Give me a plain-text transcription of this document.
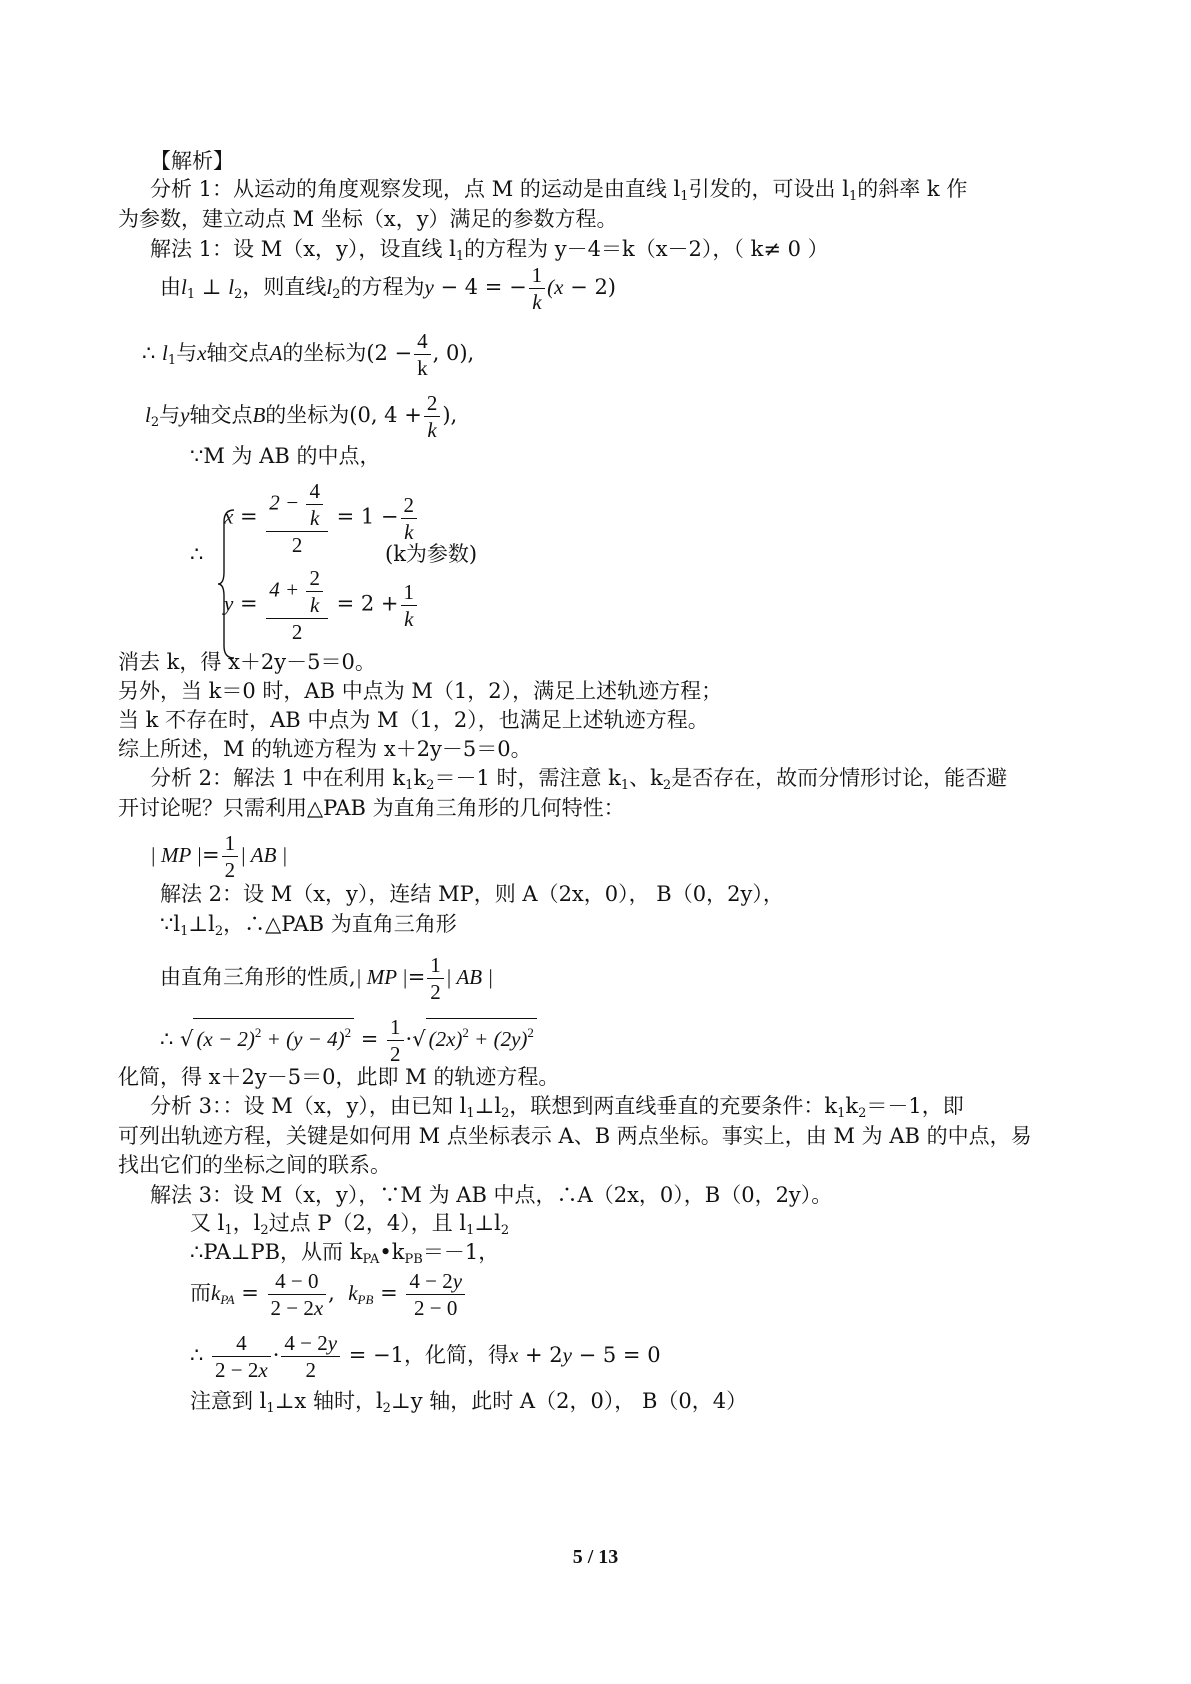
【解析】
分析 1：从运动的角度观察发现，点 M 的运动是由直线 $l_1$引发的，可设出 $l_1$的斜率 k 作
为参数，建立动点 M 坐标（x，y）满足的参数方程。
解法 1：设 M（x，y），设直线 $l_1$的方程为 y－4＝k（x－2），（ k≠ 0 ）
由$l_1$ ⊥ $l_2$，则直线$l_2$的方程为y − 4 = − $\frac{1}{k} (x - 2)$
∴ $l_1$与x轴交点A的坐标为($2 - \frac{4}{k}$ , 0),
$l_2$与y轴交点B的坐标为(0, $4 + \frac{2}{k}$ ),
∵M 为 AB 的中点，
∴
$x = \frac{2 - \frac{4}{k}}{2} = 1 - \frac{2}{k}$
(k为参数)
$y = \frac{4 + \frac{2}{k}}{2} = 2 + \frac{1}{k}$
消去 k，得 x＋2y－5＝0。
另外，当 k＝0 时，AB 中点为 M（1，2），满足上述轨迹方程；
当 k 不存在时，AB 中点为 M（1，2），也满足上述轨迹方程。
综上所述，M 的轨迹方程为 x＋2y－5＝0。
分析 2：解法 1 中在利用 $k_1k_2=-1$ 时，需注意 $k_1$、$k_2$是否存在，故而分情形讨论，能否避
开讨论呢？只需利用△PAB 为直角三角形的几何特性：
| MP |= $\frac{1}{2}$ | AB |
解法 2：设 M（x，y），连结 MP，则 A（2x，0）， B（0，2y），
$\because l_1\perp l_2$，∴△PAB 为直角三角形
由直角三角形的性质,| MP |= $\frac{1}{2}$ | AB |
∴ √ $(x - 2)^2 + (y - 4)^2 = \frac{1}{2}$ ·√ $(2x)^2 + (2y)^2$
化简，得 x＋2y－5＝0，此即 M 的轨迹方程。
分析 3：：设 M（x，y），由已知 $l_1\perp l_2$，联想到两直线垂直的充要条件：$k_1k_2=-1$，即
可列出轨迹方程，关键是如何用 M 点坐标表示 A、B 两点坐标。事实上，由 M 为 AB 的中点，易
找出它们的坐标之间的联系。
解法 3：设 M（x，y），∵M 为 AB 中点，∴A（2x，0），B（0，2y）。
又 $l_1$，$l_2$过点 P（2，4），且 $l_1\perp l_2$
∴PA⊥PB，从而 $k_{PA}•k_{PB}=-1$，
而$k_{PA} = \frac{4 - 0}{2 - 2x}$ ,  $k_{PB} = \frac{4 - 2y}{2 - 0}$
∴ $\frac{4}{2 - 2x} \cdot \frac{4 - 2y}{2} = -1$，化简，得x + 2y − 5 = 0
注意到 $l_1\perp x$ 轴时，$l_2\perp y$ 轴，此时 A（2，0）， B（0，4）
5 / 13
